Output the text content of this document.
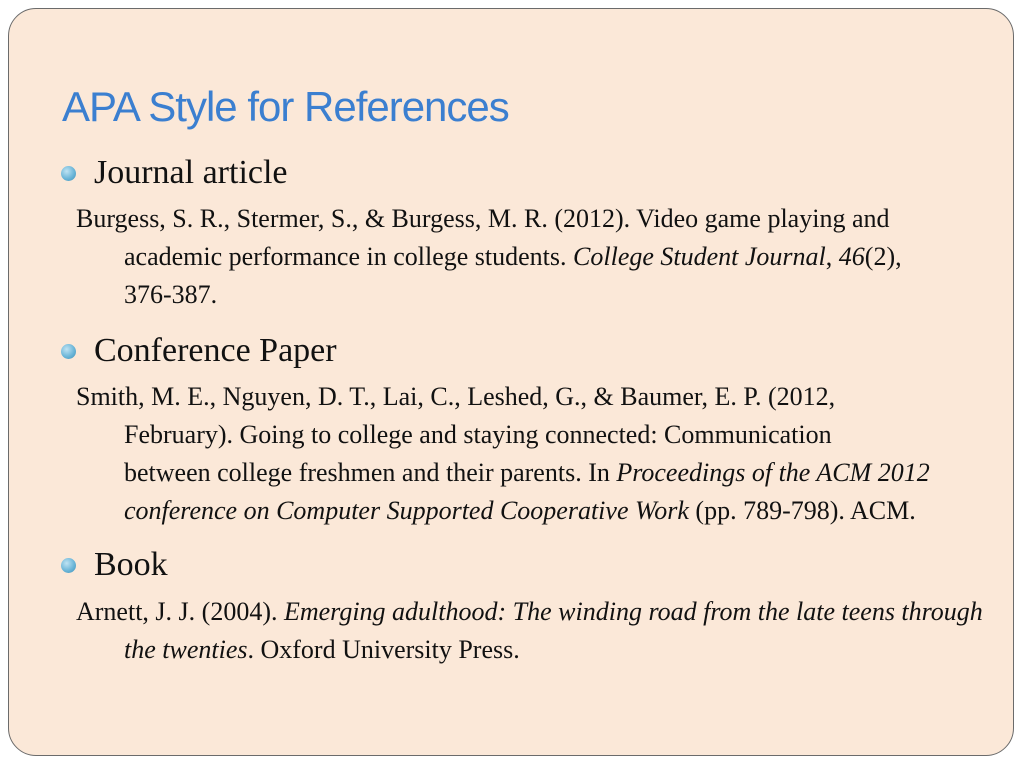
APA Style for References
Journal article

Burgess, S. R., Stermer, S., & Burgess, M. R. (2012). Video game playing and
academic performance in college students. College Student Journal, 46(2),
376-387.

Conference Paper

Smith, M. E., Nguyen, D. T., Lai, C., Leshed, G., & Baumer, E. P. (2012,
February). Going to college and staying connected: Communication
between college freshmen and their parents. In Proceedings of the ACM 2012
conference on Computer Supported Cooperative Work (pp. 789-798). ACM.

Book

Arnett, J. J. (2004). Emerging adulthood: The winding road from the late teens through
the twenties. Oxford University Press.
